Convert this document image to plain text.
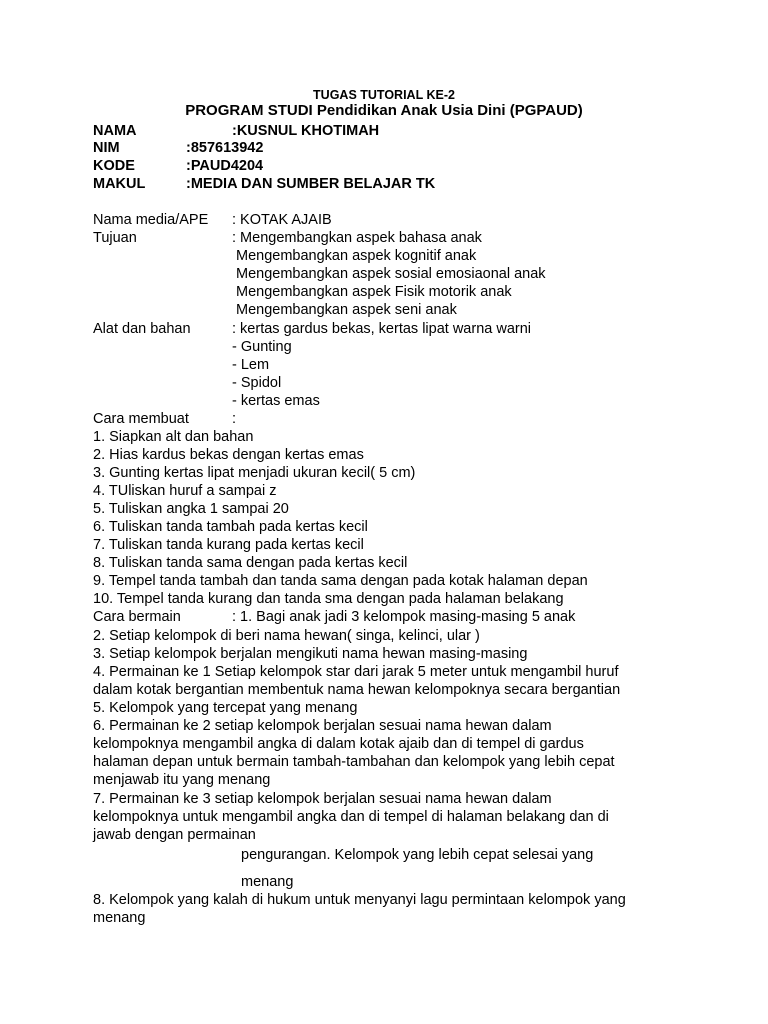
TUGAS TUTORIAL KE-2
PROGRAM STUDI Pendidikan Anak Usia Dini (PGPAUD)
NAMA	:KUSNUL KHOTIMAH
NIM	:857613942
KODE	:PAUD4204
MAKUL	:MEDIA DAN SUMBER BELAJAR TK
Nama media/APE : KOTAK AJAIB
Tujuan	: Mengembangkan aspek bahasa anak
Mengembangkan aspek kognitif anak
Mengembangkan aspek sosial emosiaonal anak
Mengembangkan aspek Fisik motorik anak
Mengembangkan aspek seni anak
Alat dan bahan	: kertas gardus bekas, kertas lipat warna warni
- Gunting
- Lem
- Spidol
- kertas emas
Cara membuat	:
1. Siapkan alt dan bahan
2. Hias kardus bekas dengan kertas emas
3. Gunting kertas lipat menjadi ukuran kecil( 5 cm)
4. TUliskan huruf a sampai z
5. Tuliskan angka 1 sampai 20
6. Tuliskan tanda tambah pada kertas kecil
7. Tuliskan tanda kurang pada kertas kecil
8. Tuliskan tanda sama dengan pada kertas kecil
9. Tempel tanda tambah dan tanda sama dengan pada kotak halaman depan
10. Tempel tanda kurang dan tanda sma dengan pada halaman belakang
Cara bermain	: 1. Bagi anak jadi 3 kelompok masing-masing 5 anak
2. Setiap kelompok di beri nama hewan( singa, kelinci, ular )
3. Setiap kelompok berjalan mengikuti nama hewan masing-masing
4. Permainan ke 1 Setiap kelompok star dari jarak 5 meter untuk mengambil huruf
dalam kotak bergantian membentuk nama hewan kelompoknya secara bergantian
5. Kelompok yang tercepat yang menang
6. Permainan ke 2 setiap kelompok berjalan sesuai nama hewan dalam
kelompoknya mengambil angka di dalam kotak ajaib dan di tempel di gardus
halaman depan untuk bermain tambah-tambahan dan kelompok yang lebih cepat
menjawab itu yang menang
7. Permainan ke 3 setiap kelompok berjalan sesuai nama hewan dalam
kelompoknya untuk mengambil angka dan di tempel di halaman belakang dan di
jawab dengan permainan
pengurangan. Kelompok yang lebih cepat selesai yang
menang
8. Kelompok yang kalah di hukum untuk menyanyi lagu permintaan kelompok yang
menang
